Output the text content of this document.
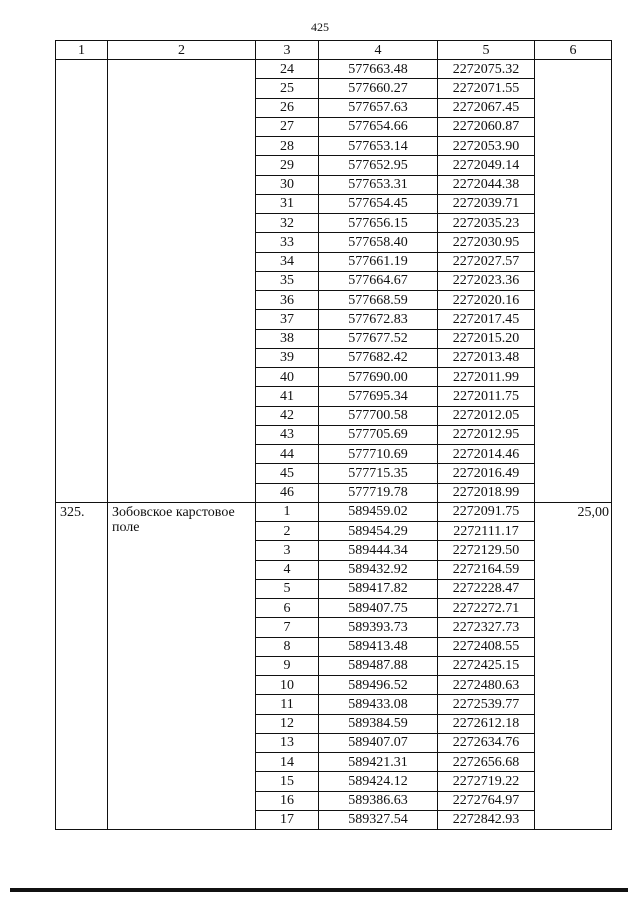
425
1	2	3	4	5	6
		24	577663.48	2272075.32	
		25	577660.27	2272071.55	
		26	577657.63	2272067.45	
		27	577654.66	2272060.87	
		28	577653.14	2272053.90	
		29	577652.95	2272049.14	
		30	577653.31	2272044.38	
		31	577654.45	2272039.71	
		32	577656.15	2272035.23	
		33	577658.40	2272030.95	
		34	577661.19	2272027.57	
		35	577664.67	2272023.36	
		36	577668.59	2272020.16	
		37	577672.83	2272017.45	
		38	577677.52	2272015.20	
		39	577682.42	2272013.48	
		40	577690.00	2272011.99	
		41	577695.34	2272011.75	
		42	577700.58	2272012.05	
		43	577705.69	2272012.95	
		44	577710.69	2272014.46	
		45	577715.35	2272016.49	
		46	577719.78	2272018.99	
325.	Зобовское карстовое поле	1	589459.02	2272091.75	25,00
		2	589454.29	2272111.17	
		3	589444.34	2272129.50	
		4	589432.92	2272164.59	
		5	589417.82	2272228.47	
		6	589407.75	2272272.71	
		7	589393.73	2272327.73	
		8	589413.48	2272408.55	
		9	589487.88	2272425.15	
		10	589496.52	2272480.63	
		11	589433.08	2272539.77	
		12	589384.59	2272612.18	
		13	589407.07	2272634.76	
		14	589421.31	2272656.68	
		15	589424.12	2272719.22	
		16	589386.63	2272764.97	
		17	589327.54	2272842.93	
